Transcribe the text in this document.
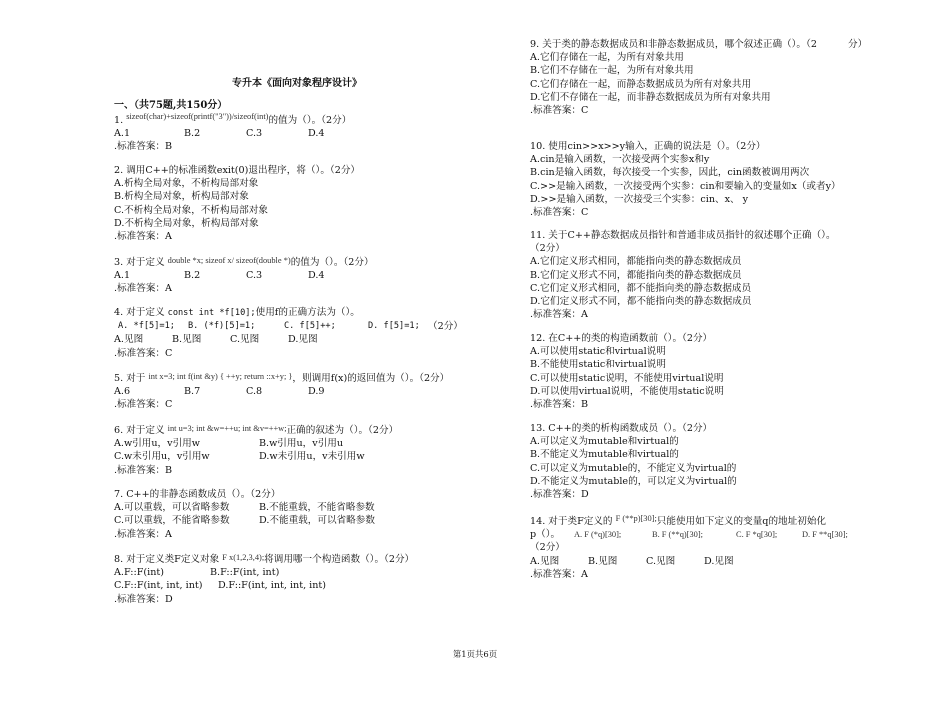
专升本《面向对象程序设计》
一、（共75题,共150分）
1. sizeof(char)+sizeof(printf("3"))/sizeof(int)的值为（）。（2分）
A.1	B.2	C.3	D.4
.标准答案：B
2. 调用C++的标准函数exit(0)退出程序，将（）。（2分）
A.析构全局对象，不析构局部对象
B.析构全局对象，析构局部对象
C.不析构全局对象，不析构局部对象
D.不析构全局对象，析构局部对象
.标准答案：A
3. 对于定义 double *x; sizeof x/ sizeof(double *)的值为（）。（2分）
A.1	B.2	C.3	D.4
.标准答案：A
4. 对于定义 const int *f[10];使用f的正确方法为（）。
A. *f[5]=1;	B. (*f)[5]=1;	C. f[5]++;	D. f[5]=1; （2分）
A.见图	B.见图	C.见图	D.见图
.标准答案：C
5. 对于 int x=3; int f(int &y) { ++y; return ::x+y; }，则调用f(x)的返回值为（）。（2分）
A.6	B.7	C.8	D.9
.标准答案：C
6. 对于定义 int u=3; int &w=++u; int &v=++w;正确的叙述为（）。（2分）
A.w引用u，v引用w	B.w引用u，v引用u
C.w未引用u，v引用w	D.w未引用u，v未引用w
.标准答案：B
7. C++的非静态函数成员（）。（2分）
A.可以重载，可以省略参数	B.不能重载，不能省略参数
C.可以重载，不能省略参数	D.不能重载，可以省略参数
.标准答案：A
8. 对于定义类F定义对象 F x(1,2,3,4);将调用哪一个构造函数（）。（2分）
A.F::F(int)	B.F::F(int, int)
C.F::F(int, int, int)	D.F::F(int, int, int, int)
.标准答案：D
9. 关于类的静态数据成员和非静态数据成员，哪个叙述正确（）。（2	分）
A.它们存储在一起，为所有对象共用
B.它们不存储在一起，为所有对象共用
C.它们存储在一起，而静态数据成员为所有对象共用
D.它们不存储在一起，而非静态数据成员为所有对象共用
.标准答案：C
10. 使用cin>>x>>y输入，正确的说法是（）。（2分）
A.cin是输入函数，一次接受两个实参x和y
B.cin是输入函数，每次接受一个实参，因此，cin函数被调用两次
C.>>是输入函数，一次接受两个实参：cin和要输入的变量如x（或者y）
D.>>是输入函数，一次接受三个实参：cin、x、 y
.标准答案：C
11. 关于C++静态数据成员指针和普通非成员指针的叙述哪个正确（）。
（2分）
A.它们定义形式相同，都能指向类的静态数据成员
B.它们定义形式不同，都能指向类的静态数据成员
C.它们定义形式相同，都不能指向类的静态数据成员
D.它们定义形式不同，都不能指向类的静态数据成员
.标准答案：A
12. 在C++的类的构造函数前（）。（2分）
A.可以使用static和virtual说明
B.不能使用static和virtual说明
C.可以使用static说明，不能使用virtual说明
D.可以使用virtual说明，不能使用static说明
.标准答案：B
13. C++的类的析构函数成员（）。（2分）
A.可以定义为mutable和virtual的
B.不能定义为mutable和virtual的
C.可以定义为mutable的，不能定义为virtual的
D.不能定义为mutable的，可以定义为virtual的
.标准答案：D
14. 对于类F定义的 F (**p)[30];只能使用如下定义的变量q的地址初始化
p（）。	A. F (*q)[30];	B. F (**q)[30];	C. F *q[30];	D. F **q[30];
（2分）
A.见图	B.见图	C.见图	D.见图
.标准答案：A
第1页共6页
